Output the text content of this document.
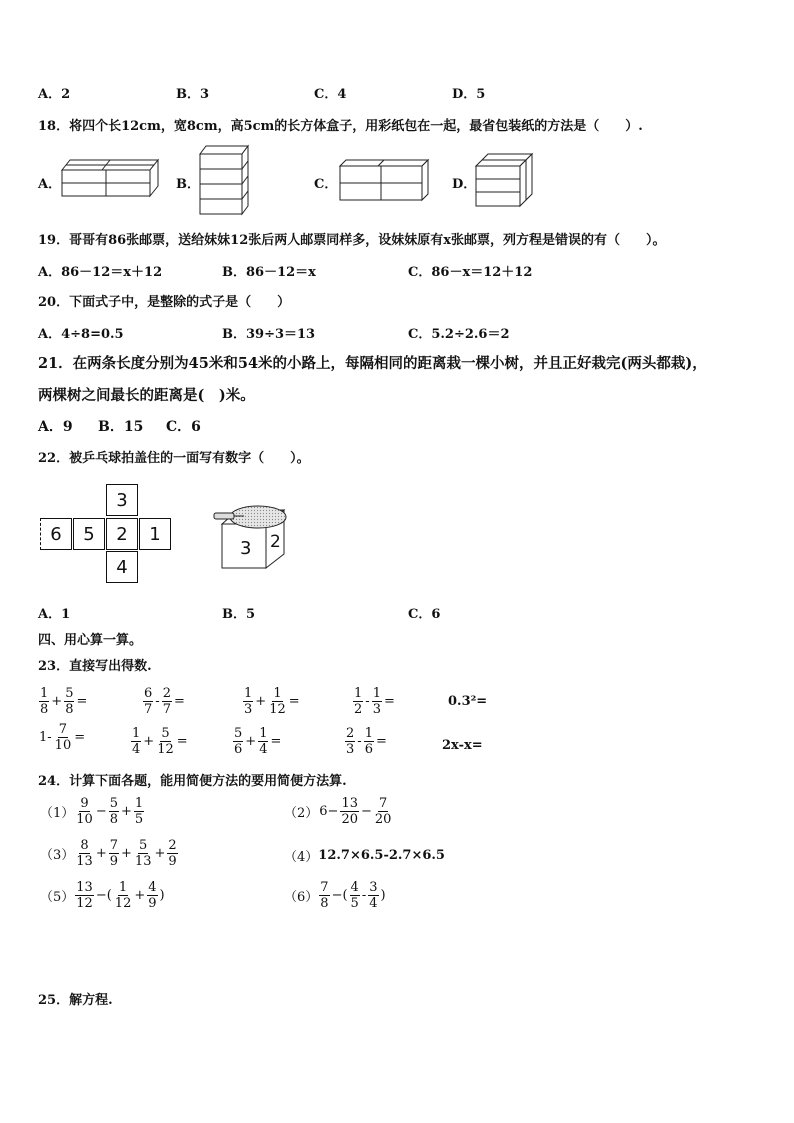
A．2	B．3	C．4	D．5
18．将四个长12cm，宽8cm，高5cm的长方体盒子，用彩纸包在一起，最省包装纸的方法是（　　）.
A．	B．	C．	D．
19．哥哥有86张邮票，送给妹妹12张后两人邮票同样多，设妹妹原有x张邮票，列方程是错误的有（　　）。
A．86－12＝x＋12	B．86－12＝x	C．86－x＝12＋12
20．下面式子中，是整除的式子是（　　）
A．4÷8=0.5	B．39÷3＝13	C．5.2÷2.6＝2
21．在两条长度分别为45米和54米的小路上，每隔相同的距离栽一棵小树，并且正好栽完(两头都栽)，
两棵树之间最长的距离是(　)米。
A．9 B．15 C．6
22．被乒乓球拍盖住的一面写有数字（　　）。
3
6	5	2	1
4
3 2
A．1	B．5	C．6
四、用心算一算。
23．直接写出得数.
$\frac{1}{8} + \frac{5}{8}$ =	$\frac{6}{7} - \frac{2}{7}$ =	$\frac{1}{3} + \frac{1}{12}$ =	$\frac{1}{2} - \frac{1}{3}$ =	0.3²=
$1- \frac{7}{10}$ =	$\frac{1}{4} + \frac{5}{12}$ =	$\frac{5}{6} + \frac{1}{4}$ =	$\frac{2}{3} - \frac{1}{6}$ =	2x-x=
24．计算下面各题，能用简便方法的要用简便方法算.
$(1) \frac{9}{10} - \frac{5}{8} + \frac{1}{5}$	（2） $6- \frac{13}{20} - \frac{7}{20}$
$(3) \frac{8}{13} + \frac{7}{9} + \frac{5}{13} + \frac{2}{9}$	（4） 12.7×6.5-2.7×6.5
$(5) \frac{13}{12}$ −( $\frac{1}{12} + \frac{4}{9}$ )	$(6) \frac{7}{8}$ −( $\frac{4}{5} - \frac{3}{4}$ )
25．解方程.
